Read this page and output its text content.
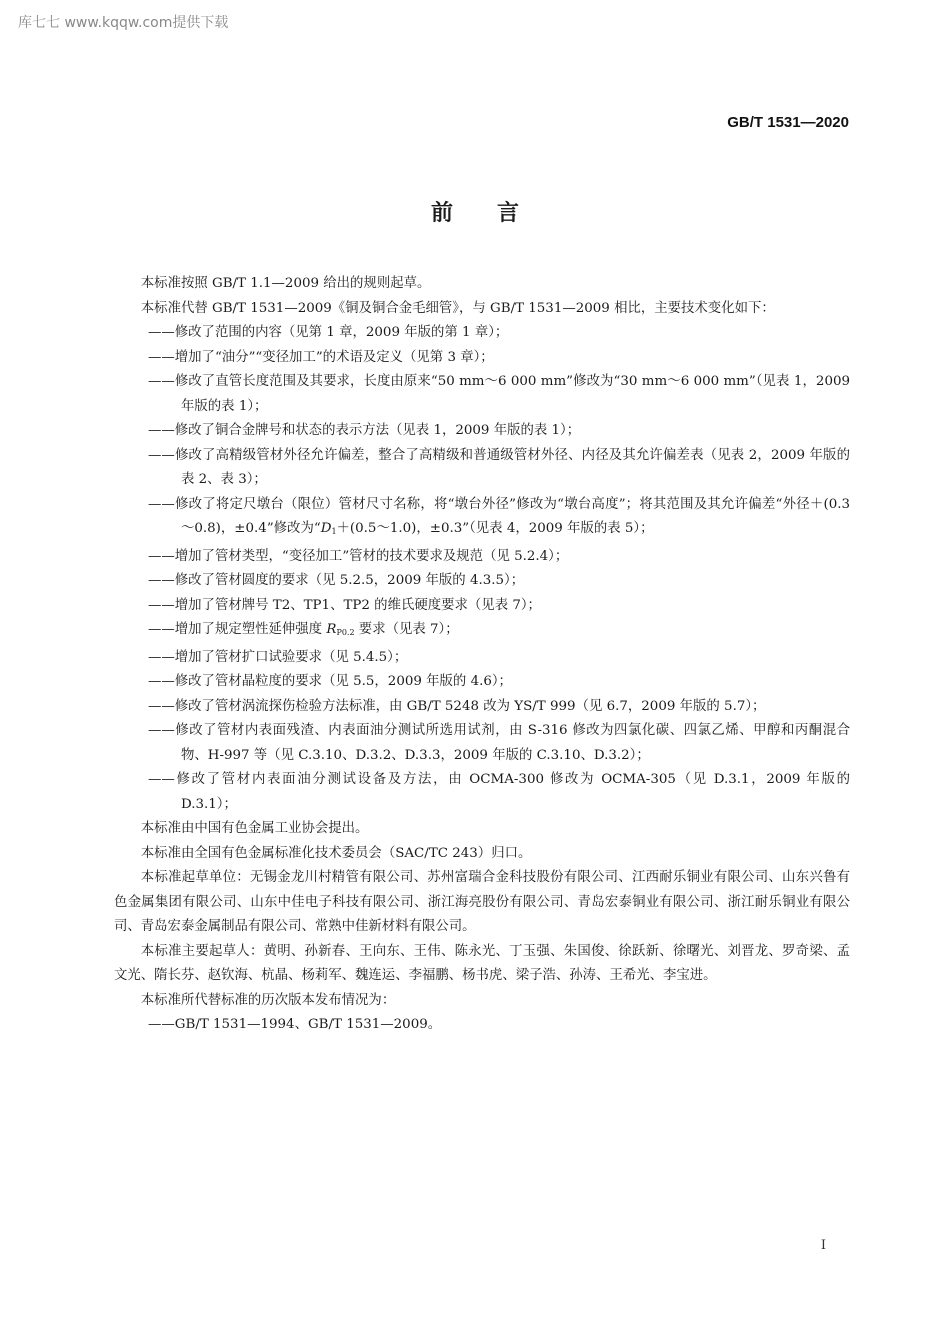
库七七 www.kqqw.com提供下载
GB/T 1531—2020
前言

本标准按照 GB/T 1.1—2009 给出的规则起草。

本标准代替 GB/T 1531—2009《铜及铜合金毛细管》，与 GB/T 1531—2009 相比，主要技术变化如下：

——修改了范围的内容（见第 1 章，2009 年版的第 1 章）；

——增加了“油分”“变径加工”的术语及定义（见第 3 章）；

——修改了直管长度范围及其要求，长度由原来“50 mm～6 000 mm”修改为“30 mm～6 000 mm”（见表 1，2009 年版的表 1）；

——修改了铜合金牌号和状态的表示方法（见表 1，2009 年版的表 1）；

——修改了高精级管材外径允许偏差，整合了高精级和普通级管材外径、内径及其允许偏差表（见表 2，2009 年版的表 2、表 3）；

——修改了将定尺墩台（限位）管材尺寸名称，将“墩台外径”修改为“墩台高度”；将其范围及其允许偏差“外径＋(0.3～0.8)，±0.4”修改为“$D_1+(0.5\sim 1.0)$，±0.3”（见表 4，2009 年版的表 5）；

——增加了管材类型，“变径加工”管材的技术要求及规范（见 5.2.4）；

——修改了管材圆度的要求（见 5.2.5，2009 年版的 4.3.5）；

——增加了管材牌号 T2、TP1、TP2 的维氏硬度要求（见表 7）；

——增加了规定塑性延伸强度 $R_{P0.2}$ 要求（见表 7）；

——增加了管材扩口试验要求（见 5.4.5）；

——修改了管材晶粒度的要求（见 5.5，2009 年版的 4.6）；

——修改了管材涡流探伤检验方法标准，由 GB/T 5248 改为 YS/T 999（见 6.7，2009 年版的 5.7）；

——修改了管材内表面残渣、内表面油分测试所选用试剂，由 S-316 修改为四氯化碳、四氯乙烯、甲醇和丙酮混合物、H-997 等（见 C.3.10、D.3.2、D.3.3，2009 年版的 C.3.10、D.3.2）；

——修改了管材内表面油分测试设备及方法，由 OCMA-300 修改为 OCMA-305（见 D.3.1，2009 年版的 D.3.1）；

本标准由中国有色金属工业协会提出。

本标准由全国有色金属标准化技术委员会（SAC/TC 243）归口。

本标准起草单位：无锡金龙川村精管有限公司、苏州富瑞合金科技股份有限公司、江西耐乐铜业有限公司、山东兴鲁有色金属集团有限公司、山东中佳电子科技有限公司、浙江海亮股份有限公司、青岛宏泰铜业有限公司、浙江耐乐铜业有限公司、青岛宏泰金属制品有限公司、常熟中佳新材料有限公司。

本标准主要起草人：黄明、孙新春、王向东、王伟、陈永光、丁玉强、朱国俊、徐跃新、徐曙光、刘晋龙、罗奇梁、孟文光、隋长芬、赵钦海、杭晶、杨莉军、魏连运、李福鹏、杨书虎、梁子浩、孙涛、王希光、李宝进。

本标准所代替标准的历次版本发布情况为：

——GB/T 1531—1994、GB/T 1531—2009。

I
